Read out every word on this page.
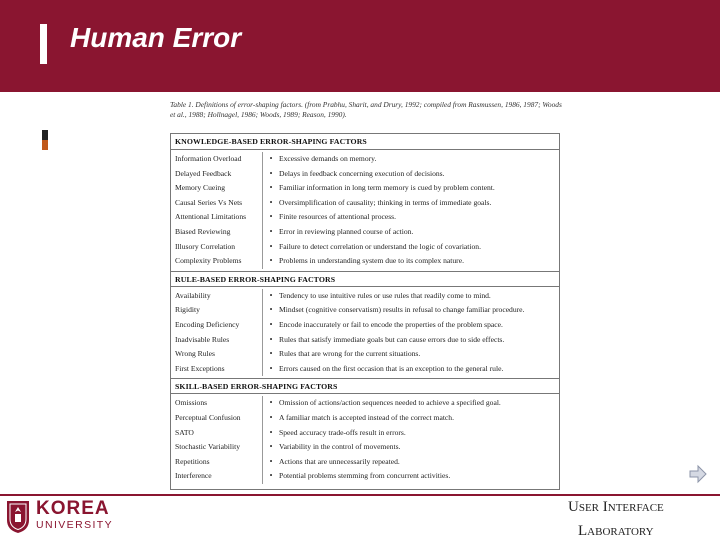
Human Error
Table 1. Definitions of error-shaping factors. (from Prabhu, Sharit, and Drury, 1992; compiled from Rasmussen, 1986, 1987; Woods et al., 1988; Hollnagel, 1986; Woods, 1989; Reason, 1990).
KNOWLEDGE-BASED ERROR-SHAPING FACTORS
Information Overload	• Excessive demands on memory.
Delayed Feedback	• Delays in feedback concerning execution of decisions.
Memory Cueing	• Familiar information in long term memory is cued by problem content.
Causal Series Vs Nets	• Oversimplification of causality; thinking in terms of immediate goals.
Attentional Limitations	• Finite resources of attentional process.
Biased Reviewing	• Error in reviewing planned course of action.
Illusory Correlation	• Failure to detect correlation or understand the logic of covariation.
Complexity Problems	• Problems in understanding system due to its complex nature.
RULE-BASED ERROR-SHAPING FACTORS
Availability	• Tendency to use intuitive rules or use rules that readily come to mind.
Rigidity	• Mindset (cognitive conservatism) results in refusal to change familiar procedure.
Encoding Deficiency	• Encode inaccurately or fail to encode the properties of the problem space.
Inadvisable Rules	• Rules that satisfy immediate goals but can cause errors due to side effects.
Wrong Rules	• Rules that are wrong for the current situations.
First Exceptions	• Errors caused on the first occasion that is an exception to the general rule.
SKILL-BASED ERROR-SHAPING FACTORS
Omissions	• Omission of actions/action sequences needed to achieve a specified goal.
Perceptual Confusion	• A familiar match is accepted instead of the correct match.
SATO	• Speed accuracy trade-offs result in errors.
Stochastic Variability	• Variability in the control of movements.
Repetitions	• Actions that are unnecessarily repeated.
Interference	• Potential problems stemming from concurrent activities.
KOREA
UNIVERSITY
User Interface
Laboratory
